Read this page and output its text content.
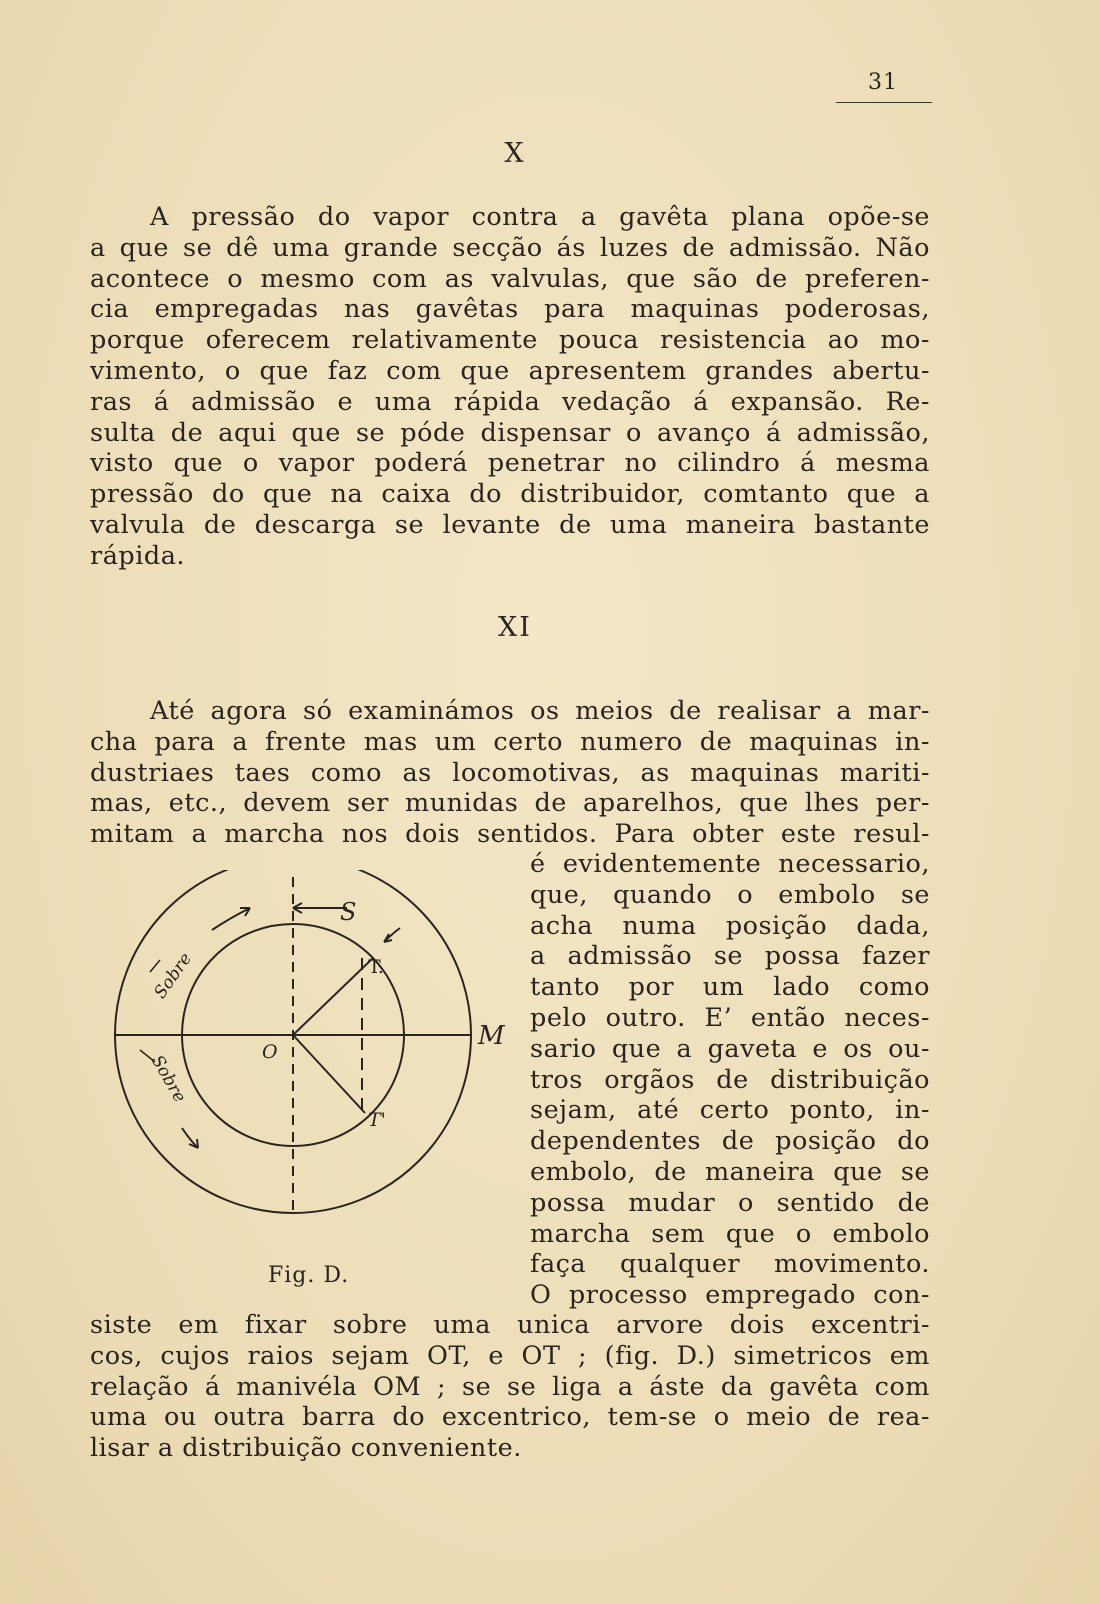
31
X
A pressão do vapor contra a gavêta plana opõe-se
a que se dê uma grande secção ás luzes de admissão. Não
acontece o mesmo com as valvulas, que são de preferen-
cia empregadas nas gavêtas para maquinas poderosas,
porque oferecem relativamente pouca resistencia ao mo-
vimento, o que faz com que apresentem grandes abertu-
ras á admissão e uma rápida vedação á expansão. Re-
sulta de aqui que se póde dispensar o avanço á admissão,
visto que o vapor poderá penetrar no cilindro á mesma
pressão do que na caixa do distribuidor, comtanto que a
valvula de descarga se levante de uma maneira bastante
rápida.
XI
Até agora só examinámos os meios de realisar a mar-
cha para a frente mas um certo numero de maquinas in-
dustriaes taes como as locomotivas, as maquinas mariti-
mas, etc., devem ser munidas de aparelhos, que lhes per-
mitam a marcha nos dois sentidos. Para obter este resul-
é evidentemente necessario,
que, quando o embolo se
acha numa posição dada,
a admissão se possa fazer
tanto por um lado como
pelo outro. E’ então neces-
sario que a gaveta e os ou-
tros orgãos de distribuição
sejam, até certo ponto, in-
dependentes de posição do
embolo, de maneira que se
possa mudar o sentido de
marcha sem que o embolo
faça qualquer movimento.
O processo empregado con-
siste em fixar sobre uma unica arvore dois excentri-
cos, cujos raios sejam OT, e OT ; (fig. D.) simetricos em
relação á manivéla OM ; se se liga a áste da gavêta com
uma ou outra barra do excentrico, tem-se o meio de rea-
lisar a distribuição conveniente.
S
T.
T'
O
M
Sobre
Sobre
Fig. D.
